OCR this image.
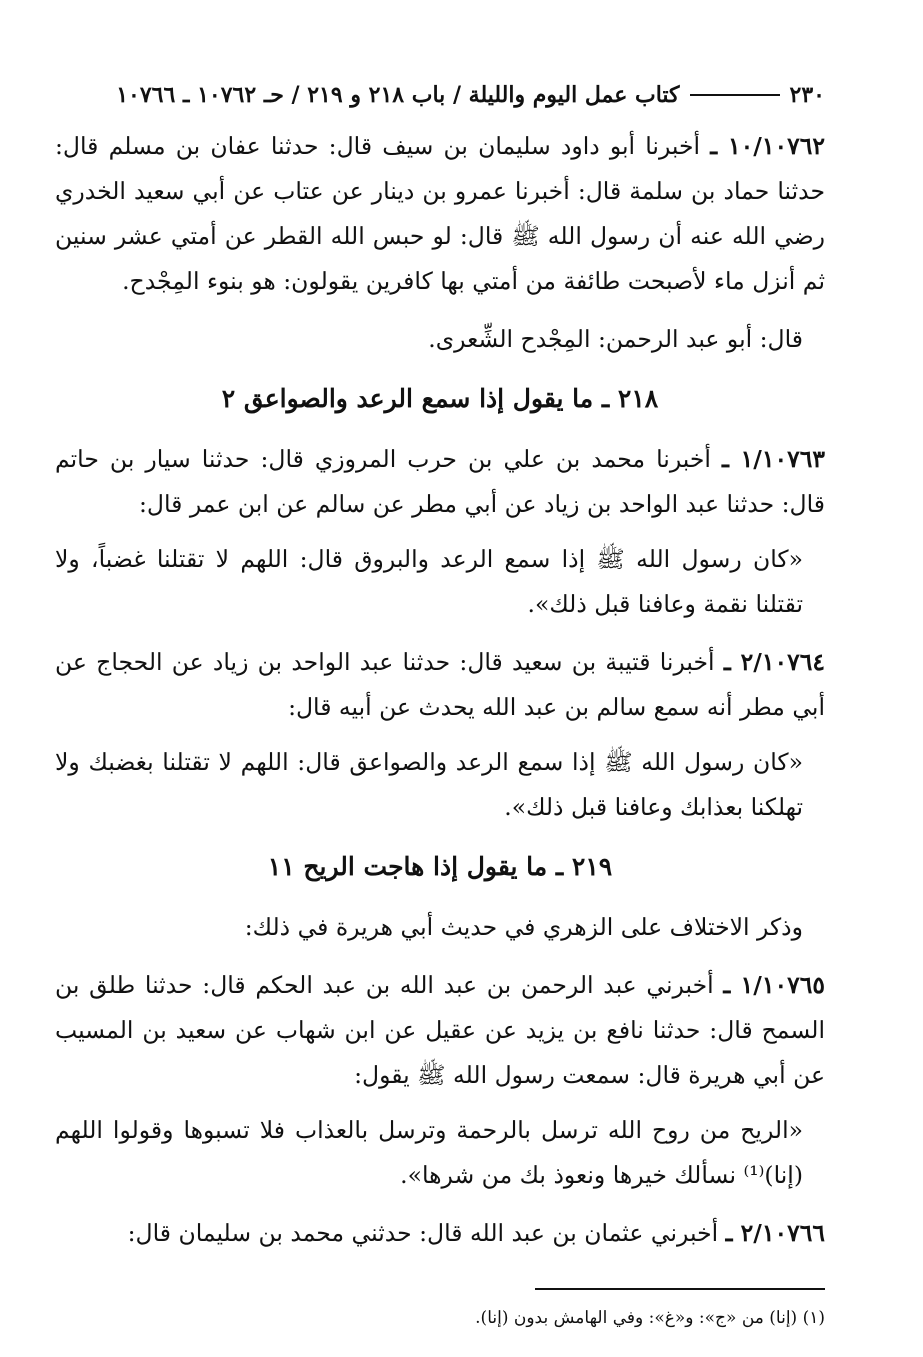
٢٣٠
كتاب عمل اليوم والليلة / باب ٢١٨ و ٢١٩ / حـ ١٠٧٦٢ ـ ١٠٧٦٦

١٠/١٠٧٦٢ ـ أخبرنا أبو داود سليمان بن سيف قال: حدثنا عفان بن مسلم قال: حدثنا حماد بن سلمة قال: أخبرنا عمرو بن دينار عن عتاب عن أبي سعيد الخدري رضي الله عنه أن رسول الله ﷺ قال: لو حبس الله القطر عن أمتي عشر سنين ثم أنزل ماء لأصبحت طائفة من أمتي بها كافرين يقولون: هو بنوء المِجْدح.

قال: أبو عبد الرحمن: المِجْدح الشِّعرى.

٢١٨ ـ ما يقول إذا سمع الرعد والصواعق ٢

١/١٠٧٦٣ ـ أخبرنا محمد بن علي بن حرب المروزي قال: حدثنا سيار بن حاتم قال: حدثنا عبد الواحد بن زياد عن أبي مطر عن سالم عن ابن عمر قال:

«كان رسول الله ﷺ إذا سمع الرعد والبروق قال: اللهم لا تقتلنا غضباً، ولا تقتلنا نقمة وعافنا قبل ذلك».

٢/١٠٧٦٤ ـ أخبرنا قتيبة بن سعيد قال: حدثنا عبد الواحد بن زياد عن الحجاج عن أبي مطر أنه سمع سالم بن عبد الله يحدث عن أبيه قال:

«كان رسول الله ﷺ إذا سمع الرعد والصواعق قال: اللهم لا تقتلنا بغضبك ولا تهلكنا بعذابك وعافنا قبل ذلك».

٢١٩ ـ ما يقول إذا هاجت الريح ١١

وذكر الاختلاف على الزهري في حديث أبي هريرة في ذلك:

١/١٠٧٦٥ ـ أخبرني عبد الرحمن بن عبد الله بن عبد الحكم قال: حدثنا طلق بن السمح قال: حدثنا نافع بن يزيد عن عقيل عن ابن شهاب عن سعيد بن المسيب عن أبي هريرة قال: سمعت رسول الله ﷺ يقول:

«الريح من روح الله ترسل بالرحمة وترسل بالعذاب فلا تسبوها وقولوا اللهم (إنا)⁽¹⁾ نسألك خيرها ونعوذ بك من شرها».

٢/١٠٧٦٦ ـ أخبرني عثمان بن عبد الله قال: حدثني محمد بن سليمان قال:

(١) (إنا) من «ج»: و«غ»: وفي الهامش بدون (إنا).
